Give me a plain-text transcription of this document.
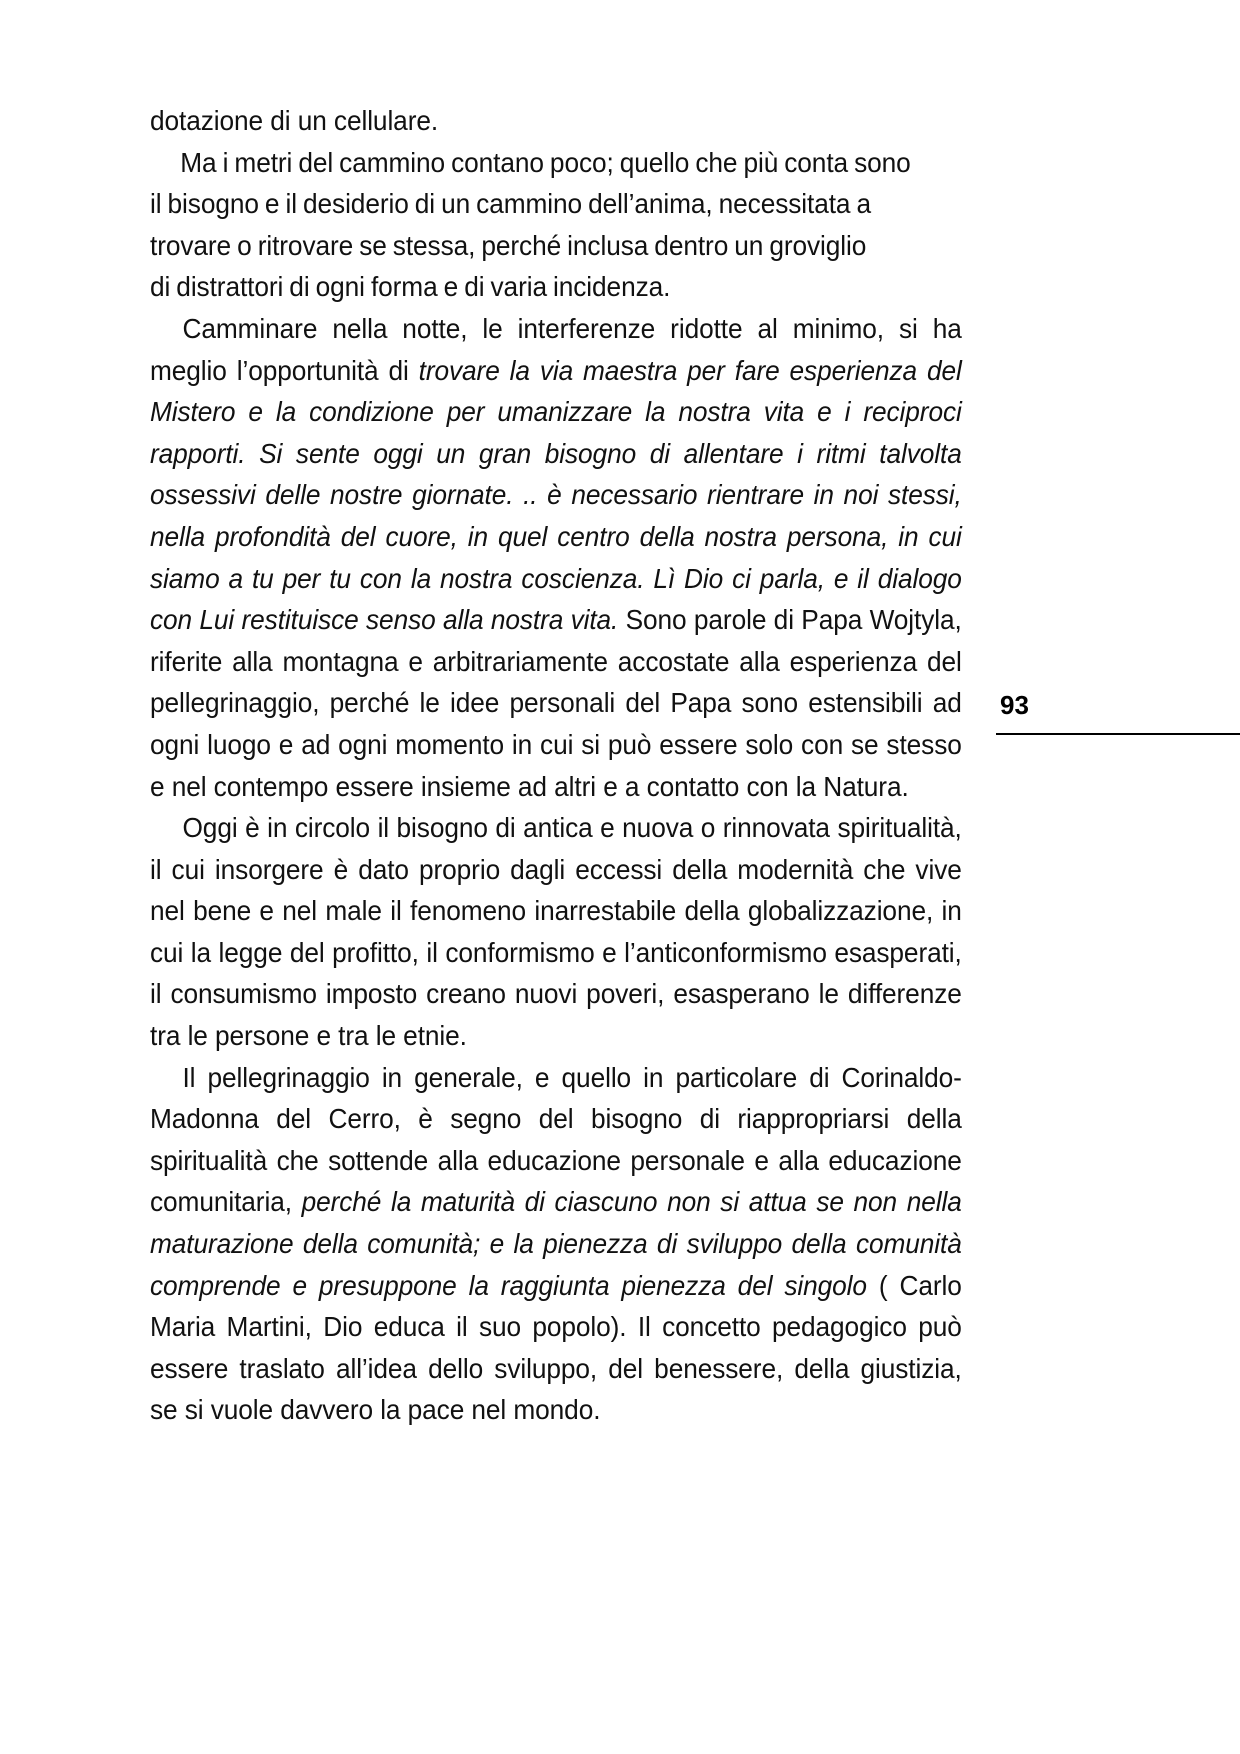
dotazione di un cellulare.

Ma i metri del cammino contano poco; quello che più conta sono
il bisogno e il desiderio di un cammino dell’anima, necessitata a
trovare o ritrovare se stessa, perché inclusa dentro un groviglio
di distrattori di ogni forma e di varia incidenza.

Camminare nella notte, le interferenze ridotte al minimo, si ha meglio l’opportunità di trovare la via maestra per fare esperienza del Mistero e la condizione per umanizzare la nostra vita e i reciproci rapporti. Si sente oggi un gran bisogno di allentare i ritmi talvolta ossessivi delle nostre giornate. .. è necessario rientrare in noi stessi, nella profondità del cuore, in quel centro della nostra persona, in cui siamo a tu per tu con la nostra coscienza. Lì Dio ci parla, e il dialogo con Lui restituisce senso alla nostra vita. Sono parole di Papa Wojtyla, riferite alla montagna e arbitrariamente accostate alla esperienza del pellegrinaggio, perché le idee personali del Papa sono estensibili ad ogni luogo e ad ogni momento in cui si può essere solo con se stesso e nel contempo essere insieme ad altri e a contatto con la Natura.

Oggi è in circolo il bisogno di antica e nuova o rinnovata spiritualità, il cui insorgere è dato proprio dagli eccessi della modernità che vive nel bene e nel male il fenomeno inarrestabile della globalizzazione, in cui la legge del profitto, il conformismo e l’anticonformismo esasperati, il consumismo imposto creano nuovi poveri, esasperano le differenze tra le persone e tra le etnie.

Il pellegrinaggio in generale, e quello in particolare di Corinaldo-Madonna del Cerro, è segno del bisogno di riappropriarsi della spiritualità che sottende alla educazione personale e alla educazione comunitaria, perché la maturità di ciascuno non si attua se non nella maturazione della comunità; e la pienezza di sviluppo della comunità comprende e presuppone la raggiunta pienezza del singolo ( Carlo Maria Martini, Dio educa il suo popolo). Il concetto pedagogico può essere traslato all’idea dello sviluppo, del benessere, della giustizia, se si vuole davvero la pace nel mondo.

93
